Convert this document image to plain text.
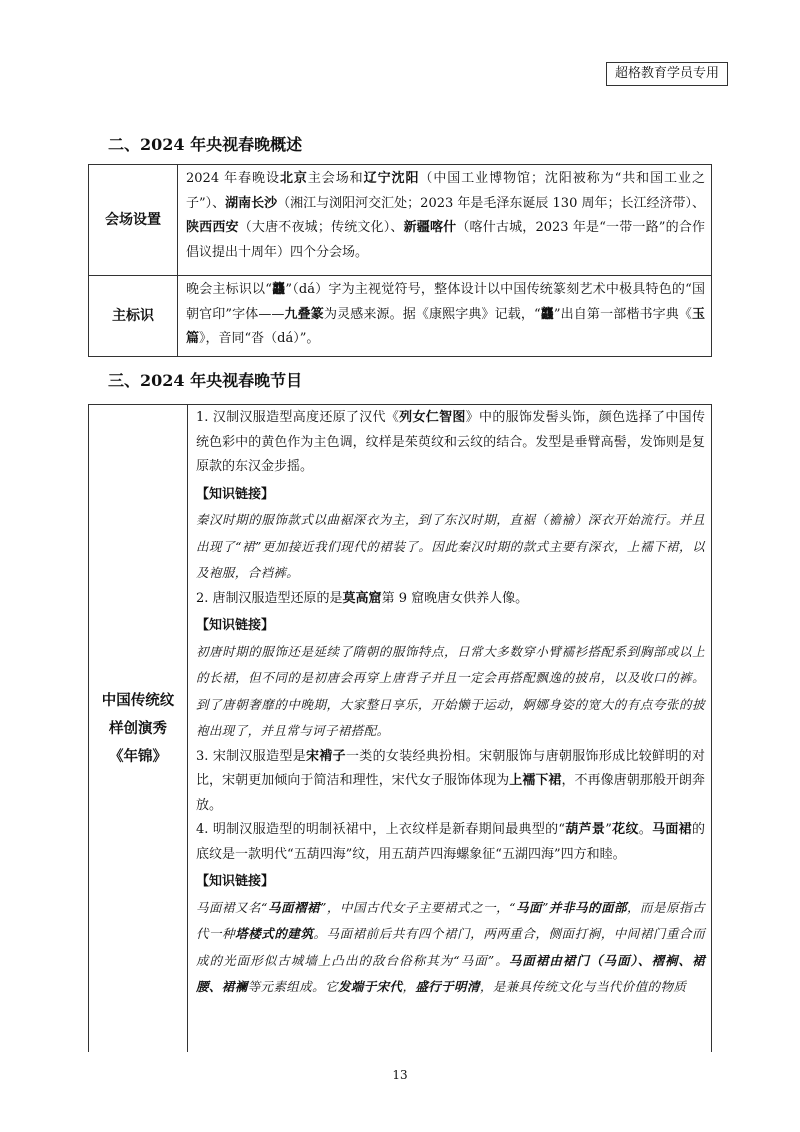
超格教育学员专用
二、2024 年央视春晚概述
会场设置	2024 年春晚设北京主会场和辽宁沈阳（中国工业博物馆；沈阳被称为“共和国工业之子”）、湖南长沙（湘江与浏阳河交汇处；2023 年是毛泽东诞辰 130 周年；长江经济带）、陕西西安（大唐不夜城；传统文化）、新疆喀什（喀什古城，2023 年是“一带一路”的合作倡议提出十周年）四个分会场。

主标识	晚会主标识以“龘”（dá）字为主视觉符号，整体设计以中国传统篆刻艺术中极具特色的“国朝官印”字体——九叠篆为灵感来源。据《康熙字典》记载，“龘”出自第一部楷书字典《玉篇》，音同“沓（dá）”。

三、2024 年央视春晚节目
中国传统纹样创演秀《年锦》	

1. 汉制汉服造型高度还原了汉代《列女仁智图》中的服饰发髻头饰，颜色选择了中国传统色彩中的黄色作为主色调，纹样是茱萸纹和云纹的结合。发型是垂臂高髻，发饰则是复原款的东汉金步摇。

【知识链接】

秦汉时期的服饰款式以曲裾深衣为主，到了东汉时期，直裾（襜褕）深衣开始流行。并且出现了“裙”更加接近我们现代的裙装了。因此秦汉时期的款式主要有深衣，上襦下裙，以及袍服，合裆裤。

2. 唐制汉服造型还原的是莫高窟第 9 窟晚唐女供养人像。

【知识链接】

初唐时期的服饰还是延续了隋朝的服饰特点，日常大多数穿小臂襦衫搭配系到胸部或以上的长裙，但不同的是初唐会再穿上唐背子并且一定会再搭配飘逸的披帛，以及收口的裤。到了唐朝奢靡的中晚期，大家整日享乐，开始懒于运动，婀娜身姿的宽大的有点夸张的披袍出现了，并且常与诃子裙搭配。

3. 宋制汉服造型是宋褙子一类的女装经典扮相。宋朝服饰与唐朝服饰形成比较鲜明的对比，宋朝更加倾向于简洁和理性，宋代女子服饰体现为上襦下裙，不再像唐朝那般开朗奔放。

4. 明制汉服造型的明制袄裙中，上衣纹样是新春期间最典型的“葫芦景”花纹。马面裙的底纹是一款明代“五葫四海”纹，用五葫芦四海螺象征“五湖四海”四方和睦。

【知识链接】

马面裙又名“马面褶裙”，中国古代女子主要裙式之一，“马面”并非马的面部，而是原指古代一种塔楼式的建筑。马面裙前后共有四个裙门，两两重合，侧面打裥，中间裙门重合而成的光面形似古城墙上凸出的敌台俗称其为“马面”。马面裙由裙门（马面）、褶裥、裙腰、裙襕等元素组成。它发端于宋代，盛行于明清，是兼具传统文化与当代价值的物质

13
